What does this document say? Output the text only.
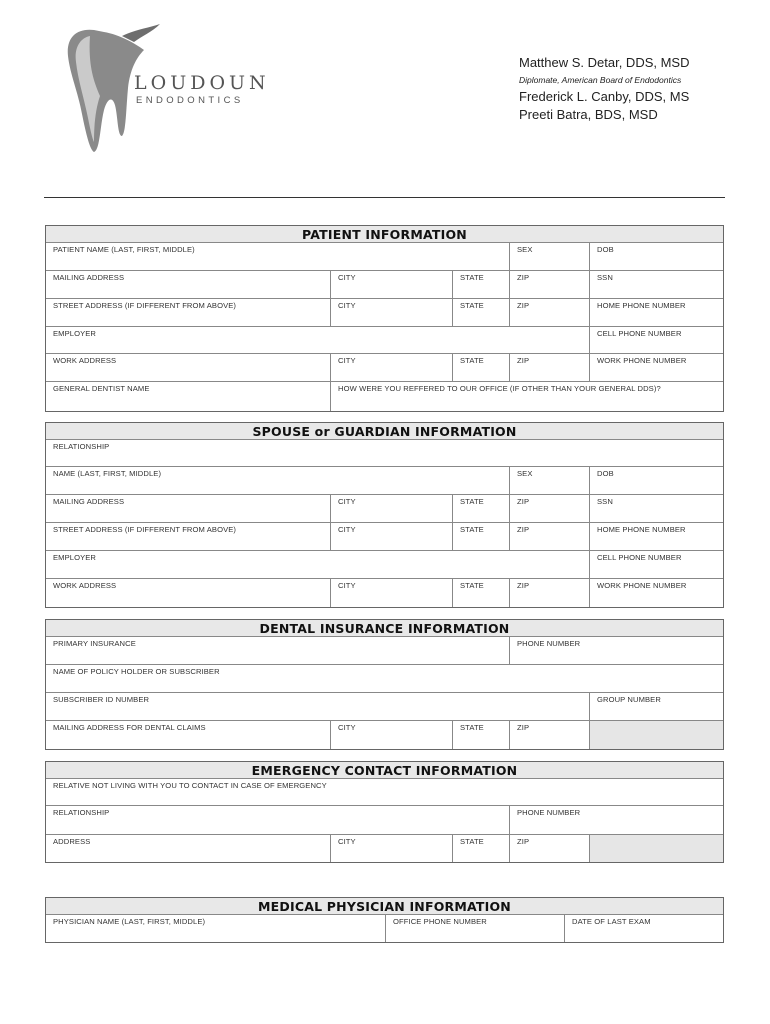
LOUDOUN
ENDODONTICS
Matthew S. Detar, DDS, MSD
Diplomate, American Board of Endodontics
Frederick L. Canby, DDS, MS
Preeti Batra, BDS, MSD
PATIENT INFORMATION
PATIENT NAME (LAST, FIRST, MIDDLE)	SEX	DOB
MAILING ADDRESS	CITY	STATE	ZIP	SSN
STREET ADDRESS (IF DIFFERENT FROM ABOVE)	CITY	STATE	ZIP	HOME PHONE NUMBER
EMPLOYER	CELL PHONE NUMBER
WORK ADDRESS	CITY	STATE	ZIP	WORK PHONE NUMBER
GENERAL DENTIST NAME	HOW WERE YOU REFFERED TO OUR OFFICE (IF OTHER THAN YOUR GENERAL DDS)?
SPOUSE or GUARDIAN INFORMATION
RELATIONSHIP
NAME (LAST, FIRST, MIDDLE)	SEX	DOB
MAILING ADDRESS	CITY	STATE	ZIP	SSN
STREET ADDRESS (IF DIFFERENT FROM ABOVE)	CITY	STATE	ZIP	HOME PHONE NUMBER
EMPLOYER	CELL PHONE NUMBER
WORK ADDRESS	CITY	STATE	ZIP	WORK PHONE NUMBER
DENTAL INSURANCE INFORMATION
PRIMARY INSURANCE	PHONE NUMBER
NAME OF POLICY HOLDER OR SUBSCRIBER
SUBSCRIBER ID NUMBER	GROUP NUMBER
MAILING ADDRESS FOR DENTAL CLAIMS	CITY	STATE	ZIP
EMERGENCY CONTACT INFORMATION
RELATIVE NOT LIVING WITH YOU TO CONTACT IN CASE OF EMERGENCY
RELATIONSHIP	PHONE NUMBER
ADDRESS	CITY	STATE	ZIP
MEDICAL PHYSICIAN INFORMATION
PHYSICIAN NAME (LAST, FIRST, MIDDLE)	OFFICE PHONE NUMBER	DATE OF LAST EXAM
